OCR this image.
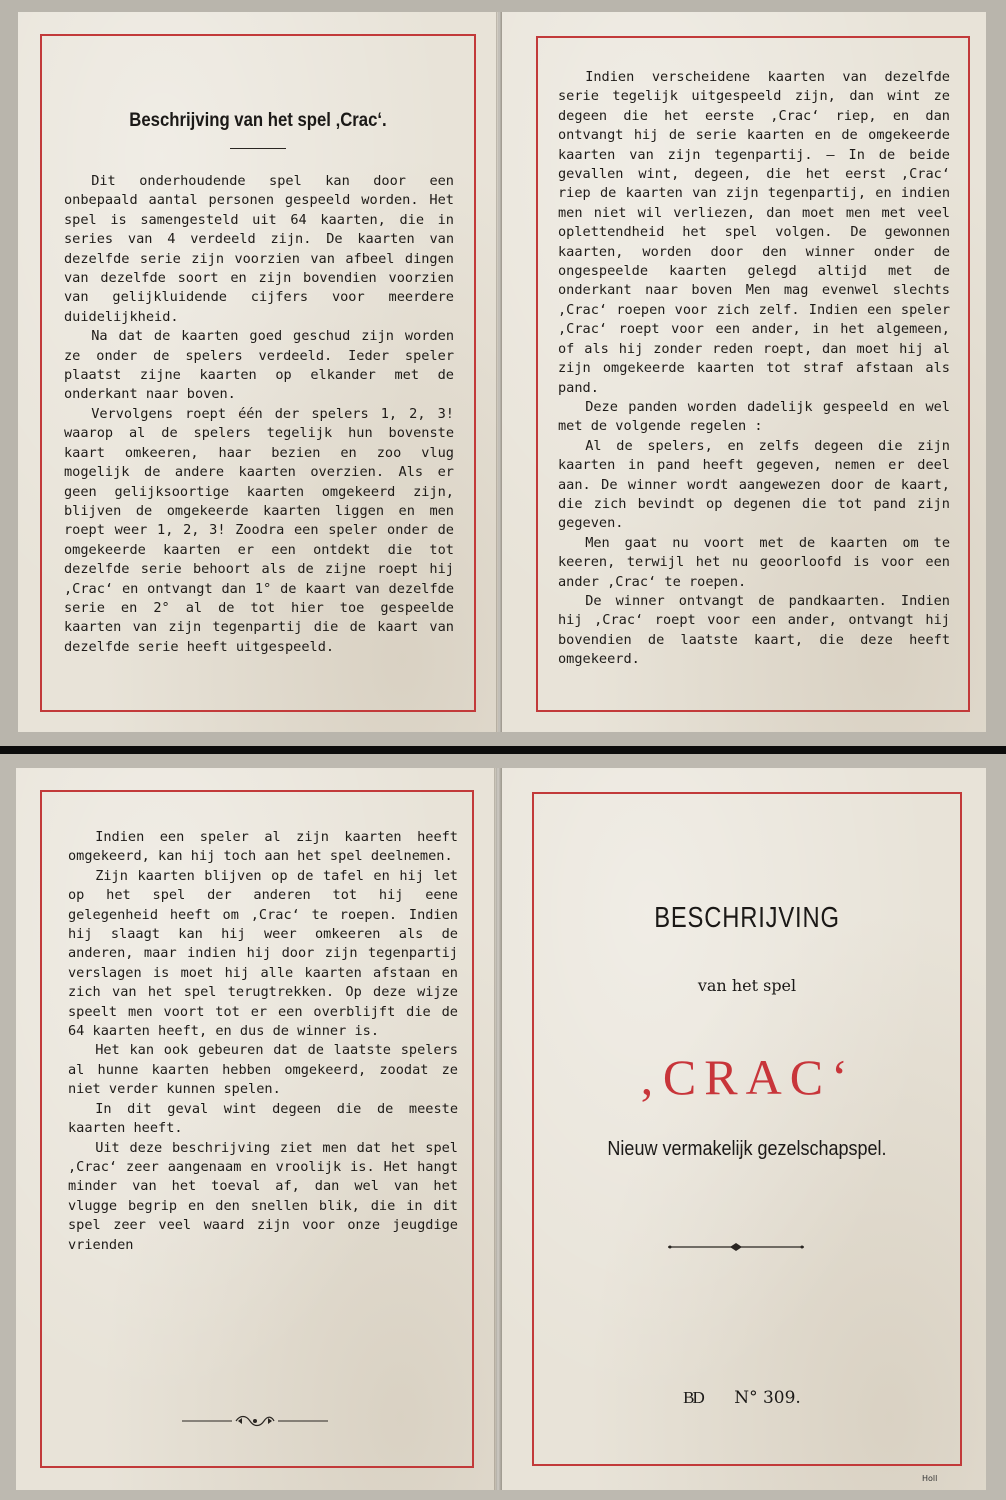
Beschrijving van het spel ‚Crac‘.

Dit onderhoudende spel kan door een onbepaald aantal personen gespeeld worden. Het spel is samengesteld uit 64 kaarten, die in series van 4 verdeeld zijn. De kaarten van dezelfde serie zijn voorzien van afbeel dingen van dezelfde soort en zijn bovendien voorzien van gelijkluidende cijfers voor meerdere duidelijkheid.

Na dat de kaarten goed geschud zijn worden ze onder de spelers verdeeld. Ieder speler plaatst zijne kaarten op elkander met de onderkant naar boven.

Vervolgens roept één der spelers 1, 2, 3! waarop al de spelers tegelijk hun bovenste kaart omkeeren, haar bezien en zoo vlug mogelijk de andere kaarten overzien. Als er geen gelijksoortige kaarten omgekeerd zijn, blijven de omgekeerde kaarten liggen en men roept weer 1, 2, 3! Zoodra een speler onder de omgekeerde kaarten er een ontdekt die tot dezelfde serie behoort als de zijne roept hij ‚Crac‘ en ontvangt dan 1° de kaart van dezelfde serie en 2° al de tot hier toe gespeelde kaarten van zijn tegenpartij die de kaart van dezelfde serie heeft uitgespeeld.

Indien verscheidene kaarten van dezelfde serie tegelijk uitgespeeld zijn, dan wint ze degeen die het eerste ‚Crac‘ riep, en dan ontvangt hij de serie kaarten en de omgekeerde kaarten van zijn tegenpartij. — In de beide gevallen wint, degeen, die het eerst ‚Crac‘ riep de kaarten van zijn tegenpartij, en indien men niet wil verliezen, dan moet men met veel oplettendheid het spel volgen. De gewonnen kaarten, worden door den winner onder de ongespeelde kaarten gelegd altijd met de onderkant naar boven Men mag evenwel slechts ‚Crac‘ roepen voor zich zelf. Indien een speler ‚Crac‘ roept voor een ander, in het algemeen, of als hij zonder reden roept, dan moet hij al zijn omgekeerde kaarten tot straf afstaan als pand.

Deze panden worden dadelijk gespeeld en wel met de volgende regelen :

Al de spelers, en zelfs degeen die zijn kaarten in pand heeft gegeven, nemen er deel aan. De winner wordt aangewezen door de kaart, die zich bevindt op degenen die tot pand zijn gegeven.

Men gaat nu voort met de kaarten om te keeren, terwijl het nu geoorloofd is voor een ander ‚Crac‘ te roepen.

De winner ontvangt de pandkaarten. Indien hij ‚Crac‘ roept voor een ander, ontvangt hij bovendien de laatste kaart, die deze heeft omgekeerd.

Indien een speler al zijn kaarten heeft omgekeerd, kan hij toch aan het spel deelnemen.

Zijn kaarten blijven op de tafel en hij let op het spel der anderen tot hij eene gelegenheid heeft om ‚Crac‘ te roepen. Indien hij slaagt kan hij weer omkeeren als de anderen, maar indien hij door zijn tegenpartij verslagen is moet hij alle kaarten afstaan en zich van het spel terugtrekken. Op deze wijze speelt men voort tot er een overblijft die de 64 kaarten heeft, en dus de winner is.

Het kan ook gebeuren dat de laatste spelers al hunne kaarten hebben omgekeerd, zoodat ze niet verder kunnen spelen.

In dit geval wint degeen die de meeste kaarten heeft.

Uit deze beschrijving ziet men dat het spel ‚Crac‘ zeer aangenaam en vroolijk is. Het hangt minder van het toeval af, dan wel van het vlugge begrip en den snellen blik, die in dit spel zeer veel waard zijn voor onze jeugdige vrienden

BESCHRIJVING
van het spel
‚CRAC‘
Nieuw vermakelijk gezelschapspel.
BD N° 309.
Holl
